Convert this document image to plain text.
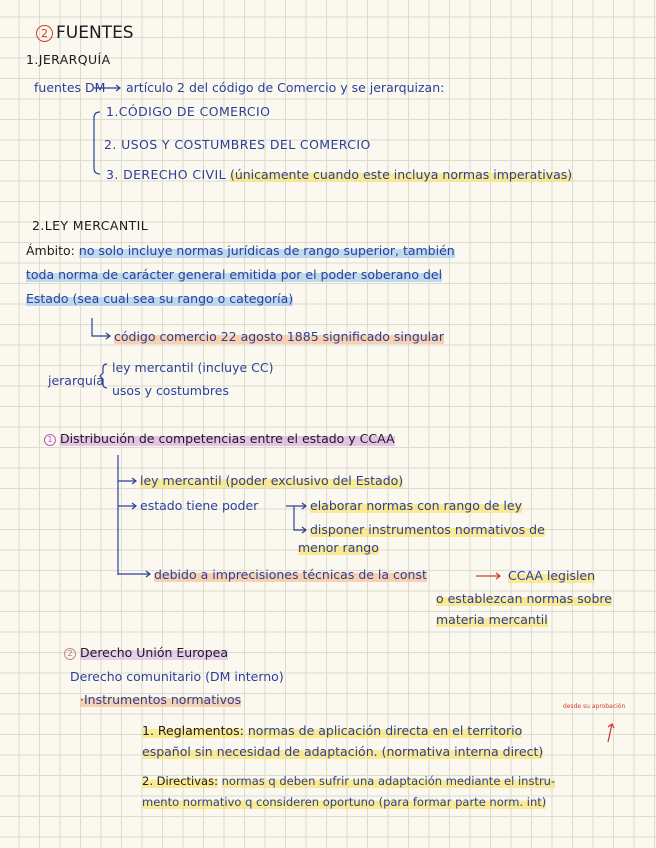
2 FUENTES
1.JERARQUÍA
fuentes DM artículo 2 del código de Comercio y se jerarquizan:
1.CÓDIGO DE COMERCIO
2. USOS Y COSTUMBRES DEL COMERCIO
3. DERECHO CIVIL (únicamente cuando este incluya normas imperativas)
2.LEY MERCANTIL
Ámbito: no solo incluye normas jurídicas de rango superior, también
toda norma de carácter general emitida por el poder soberano del
Estado (sea cual sea su rango o categoría)
código comercio 22 agosto 1885 significado singular
jerarquía
ley mercantil (incluye CC)
usos y costumbres
1 Distribución de competencias entre el estado y CCAA
ley mercantil (poder exclusivo del Estado)
estado tiene poder	elaborar normas con rango de ley
disponer instrumentos normativos de
menor rango
debido a imprecisiones técnicas de la const	CCAA legislen
o establezcan normas sobre
materia mercantil
2 Derecho Unión Europea
Derecho comunitario (DM interno)
·Instrumentos normativos	desde su aprobación
1. Reglamentos: normas de aplicación directa en el territorio
español sin necesidad de adaptación. (normativa interna direct)
2. Directivas: normas q deben sufrir una adaptación mediante el instru-
mento normativo q consideren oportuno (para formar parte norm. int)
